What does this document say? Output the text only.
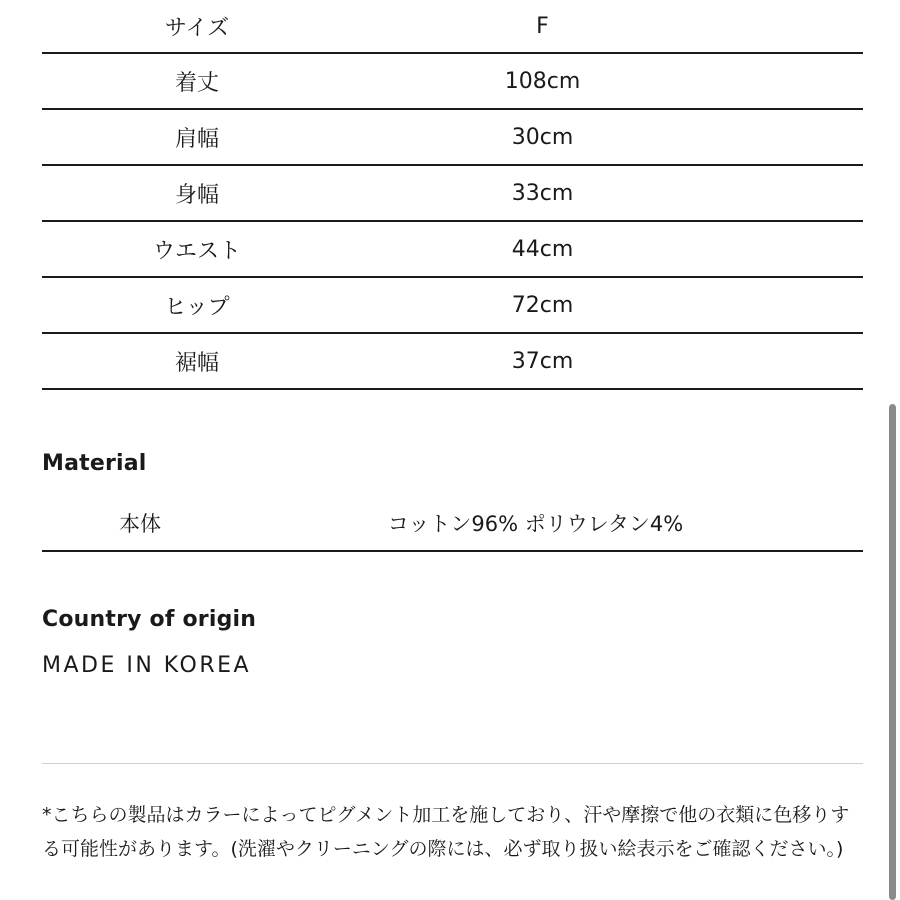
サイズ	F
着丈	108cm
肩幅	30cm
身幅	33cm
ウエスト	44cm
ヒップ	72cm
裾幅	37cm
Material
本体	コットン96% ポリウレタン4%
Country of origin
MADE IN KOREA
*こちらの製品はカラーによってピグメント加工を施しており、汗や摩擦で他の衣類に色移りする可能性があります。(洗濯やクリーニングの際には、必ず取り扱い絵表示をご確認ください。)
